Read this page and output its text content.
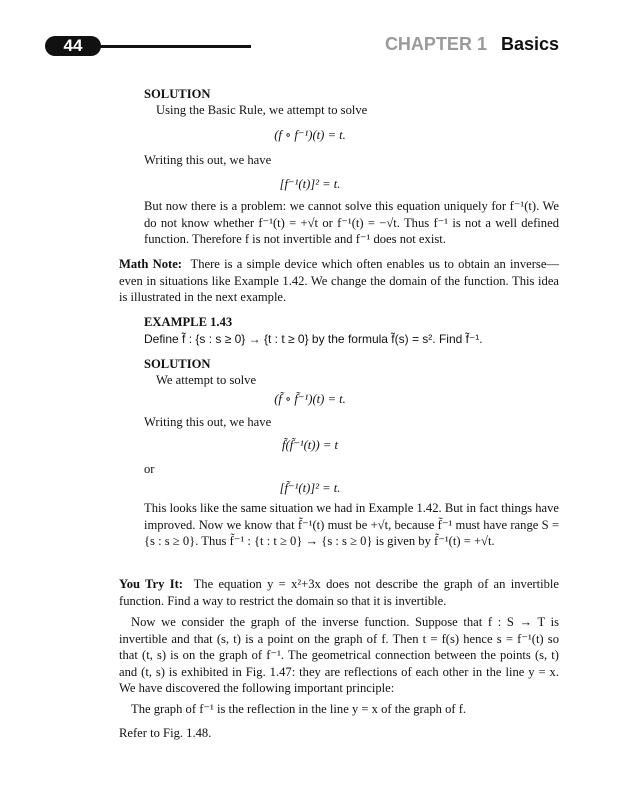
44	CHAPTER 1 Basics
SOLUTION
Using the Basic Rule, we attempt to solve
(f ∘ f⁻¹)(t) = t.
Writing this out, we have
[f⁻¹(t)]² = t.
But now there is a problem: we cannot solve this equation uniquely for f⁻¹(t). We do not know whether f⁻¹(t) = +√t or f⁻¹(t) = −√t. Thus f⁻¹ is not a well defined function. Therefore f is not invertible and f⁻¹ does not exist.
Math Note: There is a simple device which often enables us to obtain an inverse—even in situations like Example 1.42. We change the domain of the function. This idea is illustrated in the next example.
EXAMPLE 1.43
Define f̃ : {s : s ≥ 0} → {t : t ≥ 0} by the formula f̃(s) = s². Find f̃⁻¹.
SOLUTION
We attempt to solve
(f̃ ∘ f̃⁻¹)(t) = t.
Writing this out, we have
f̃(f̃⁻¹(t)) = t
or
[f̃⁻¹(t)]² = t.
This looks like the same situation we had in Example 1.42. But in fact things have improved. Now we know that f̃⁻¹(t) must be +√t, because f̃⁻¹ must have range S = {s : s ≥ 0}. Thus f̃⁻¹ : {t : t ≥ 0} → {s : s ≥ 0} is given by f̃⁻¹(t) = +√t.
You Try It: The equation y = x²+3x does not describe the graph of an invertible function. Find a way to restrict the domain so that it is invertible.
Now we consider the graph of the inverse function. Suppose that f : S → T is invertible and that (s, t) is a point on the graph of f. Then t = f(s) hence s = f⁻¹(t) so that (t, s) is on the graph of f⁻¹. The geometrical connection between the points (s, t) and (t, s) is exhibited in Fig. 1.47: they are reflections of each other in the line y = x. We have discovered the following important principle:
The graph of f⁻¹ is the reflection in the line y = x of the graph of f.
Refer to Fig. 1.48.
